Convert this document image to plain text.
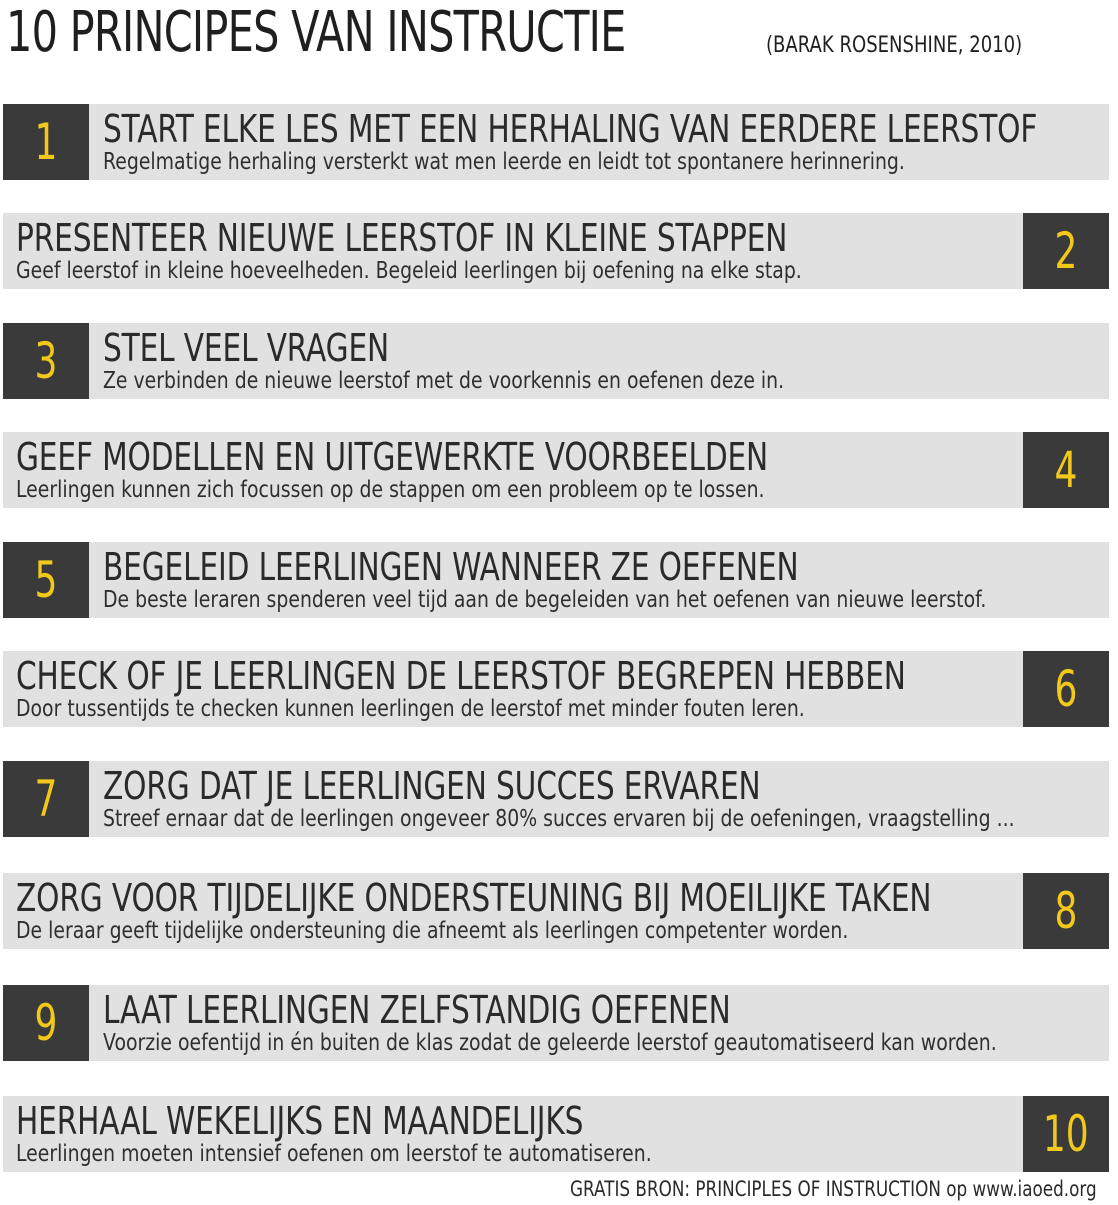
10 PRINCIPES VAN INSTRUCTIE	(BARAK ROSENSHINE, 2010)
1	START ELKE LES MET EEN HERHALING VAN EERDERE LEERSTOF
Regelmatige herhaling versterkt wat men leerde en leidt tot spontanere herinnering.
2
PRESENTEER NIEUWE LEERSTOF IN KLEINE STAPPEN
Geef leerstof in kleine hoeveelheden. Begeleid leerlingen bij oefening na elke stap.
3	STEL VEEL VRAGEN
Ze verbinden de nieuwe leerstof met de voorkennis en oefenen deze in.
4
GEEF MODELLEN EN UITGEWERKTE VOORBEELDEN
Leerlingen kunnen zich focussen op de stappen om een probleem op te lossen.
5	BEGELEID LEERLINGEN WANNEER ZE OEFENEN
De beste leraren spenderen veel tijd aan de begeleiden van het oefenen van nieuwe leerstof.
6
CHECK OF JE LEERLINGEN DE LEERSTOF BEGREPEN HEBBEN
Door tussentijds te checken kunnen leerlingen de leerstof met minder fouten leren.
7	ZORG DAT JE LEERLINGEN SUCCES ERVAREN
Streef ernaar dat de leerlingen ongeveer 80% succes ervaren bij de oefeningen, vraagstelling ...
8
ZORG VOOR TIJDELIJKE ONDERSTEUNING BIJ MOEILIJKE TAKEN
De leraar geeft tijdelijke ondersteuning die afneemt als leerlingen competenter worden.
9	LAAT LEERLINGEN ZELFSTANDIG OEFENEN
Voorzie oefentijd in én buiten de klas zodat de geleerde leerstof geautomatiseerd kan worden.
10
HERHAAL WEKELIJKS EN MAANDELIJKS
Leerlingen moeten intensief oefenen om leerstof te automatiseren.
GRATIS BRON: PRINCIPLES OF INSTRUCTION op www.iaoed.org
